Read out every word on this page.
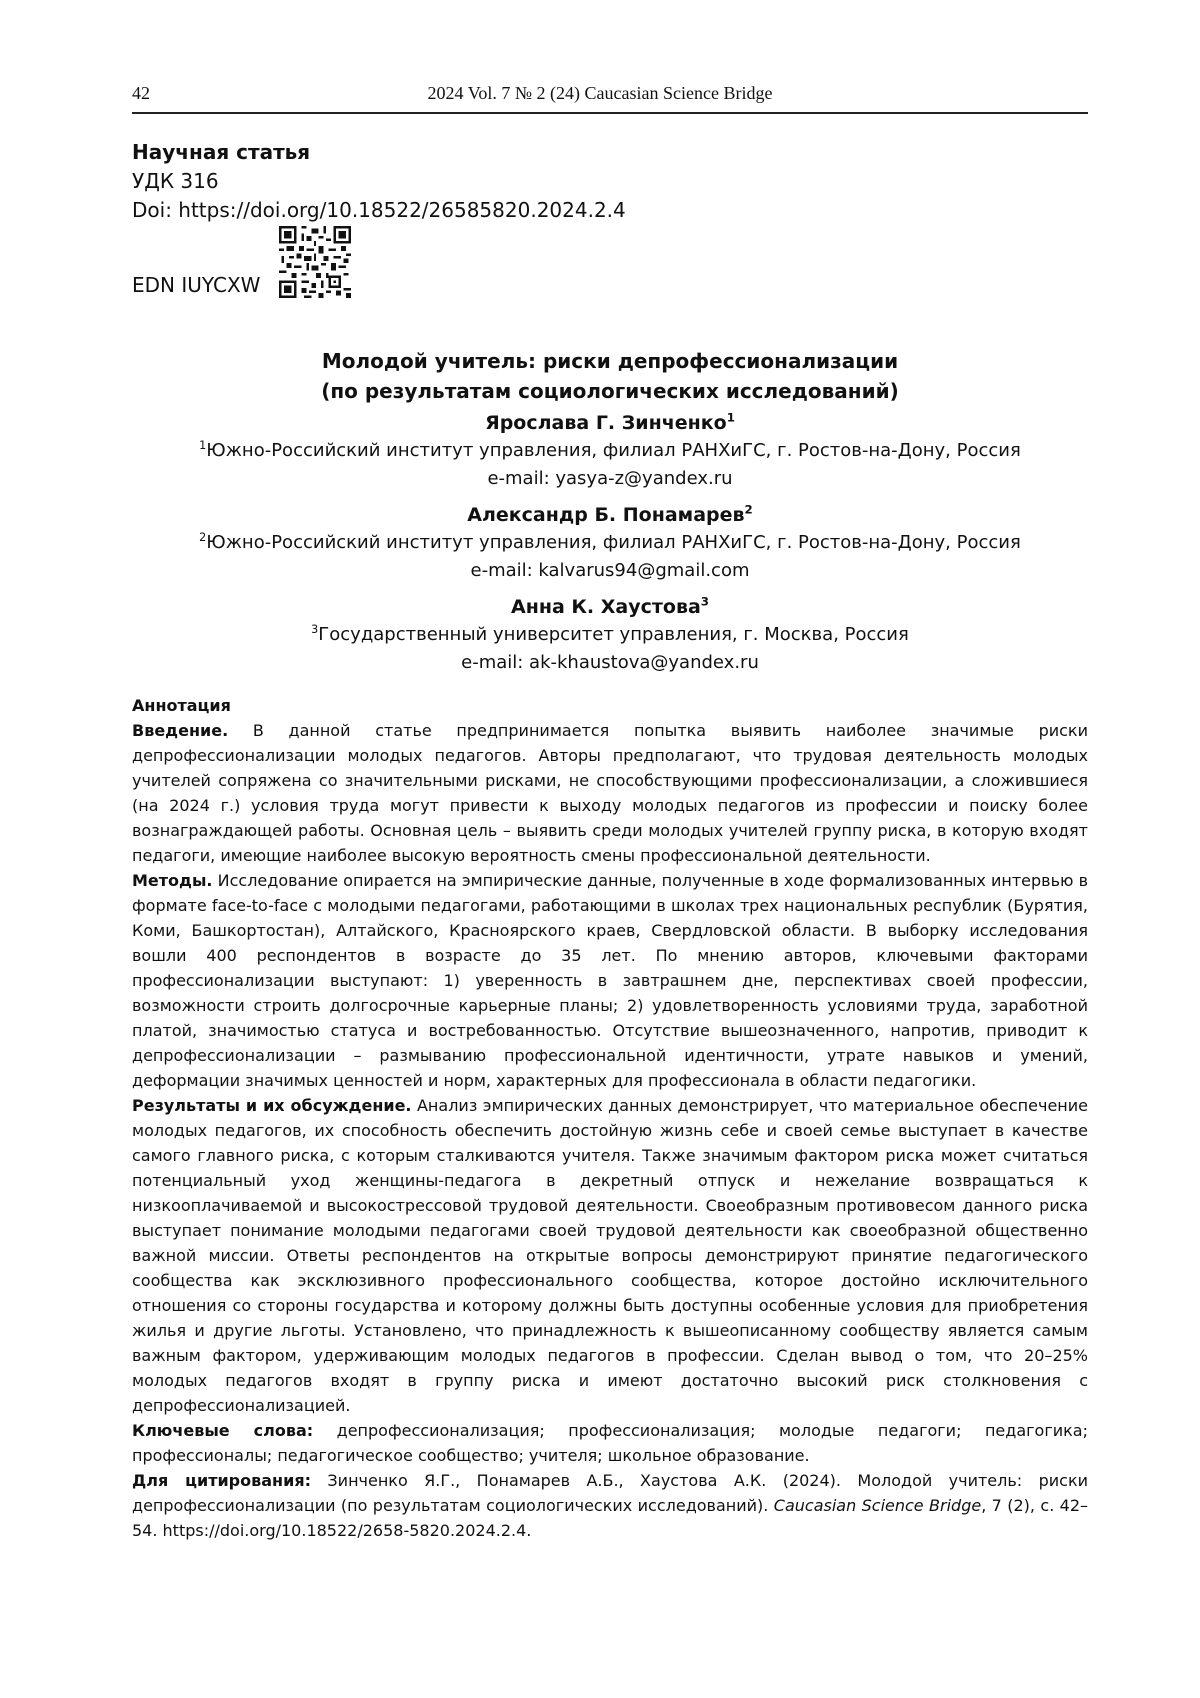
42	2024 Vol. 7 № 2 (24) Caucasian Science Bridge
Научная статья
УДК 316
Doi: https://doi.org/10.18522/26585820.2024.2.4
EDN IUYCXW
Молодой учитель: риски депрофессионализации
(по результатам социологических исследований)
Ярослава Г. Зинченко1
1Южно-Российский институт управления, филиал РАНХиГС, г. Ростов-на-Дону, Россия
e-mail: yasya-z@yandex.ru
Александр Б. Понамарев2
2Южно-Российский институт управления, филиал РАНХиГС, г. Ростов-на-Дону, Россия
e-mail: kalvarus94@gmail.com
Анна К. Хаустова3
3Государственный университет управления, г. Москва, Россия
e-mail: ak-khaustova@yandex.ru
Аннотация

Введение. В данной статье предпринимается попытка выявить наиболее значимые риски депрофессионализации молодых педагогов. Авторы предполагают, что трудовая деятельность молодых учителей сопряжена со значительными рисками, не способствующими профессионализации, а сложившиеся (на 2024 г.) условия труда могут привести к выходу молодых педагогов из профессии и поиску более вознаграждающей работы. Основная цель – выявить среди молодых учителей группу риска, в которую входят педагоги, имеющие наиболее высокую вероятность смены профессиональной деятельности.

Методы. Исследование опирается на эмпирические данные, полученные в ходе формализованных интервью в формате face-to-face с молодыми педагогами, работающими в школах трех национальных республик (Бурятия, Коми, Башкортостан), Алтайского, Красноярского краев, Свердловской области. В выборку исследования вошли 400 респондентов в возрасте до 35 лет. По мнению авторов, ключевыми факторами профессионализации выступают: 1) уверенность в завтрашнем дне, перспективах своей профессии, возможности строить долгосрочные карьерные планы; 2) удовлетворенность условиями труда, заработной платой, значимостью статуса и востребованностью. Отсутствие вышеозначенного, напротив, приводит к депрофессионализации – размыванию профессиональной идентичности, утрате навыков и умений, деформации значимых ценностей и норм, характерных для профессионала в области педагогики.

Результаты и их обсуждение. Анализ эмпирических данных демонстрирует, что материальное обеспечение молодых педагогов, их способность обеспечить достойную жизнь себе и своей семье выступает в качестве самого главного риска, с которым сталкиваются учителя. Также значимым фактором риска может считаться потенциальный уход женщины-педагога в декретный отпуск и нежелание возвращаться к низкооплачиваемой и высокострессовой трудовой деятельности. Своеобразным противовесом данного риска выступает понимание молодыми педагогами своей трудовой деятельности как своеобразной общественно важной миссии. Ответы респондентов на открытые вопросы демонстрируют принятие педагогического сообщества как эксклюзивного профессионального сообщества, которое достойно исключительного отношения со стороны государства и которому должны быть доступны особенные условия для приобретения жилья и другие льготы. Установлено, что принадлежность к вышеописанному сообществу является самым важным фактором, удерживающим молодых педагогов в профессии. Сделан вывод о том, что 20–25% молодых педагогов входят в группу риска и имеют достаточно высокий риск столкновения с депрофессионализацией.

Ключевые слова: депрофессионализация; профессионализация; молодые педагоги; педагогика; профессионалы; педагогическое сообщество; учителя; школьное образование.

Для цитирования: Зинченко Я.Г., Понамарев А.Б., Хаустова А.К. (2024). Молодой учитель: риски депрофессионализации (по результатам социологических исследований). Caucasian Science Bridge, 7 (2), с. 42–54. https://doi.org/10.18522/2658-5820.2024.2.4.
